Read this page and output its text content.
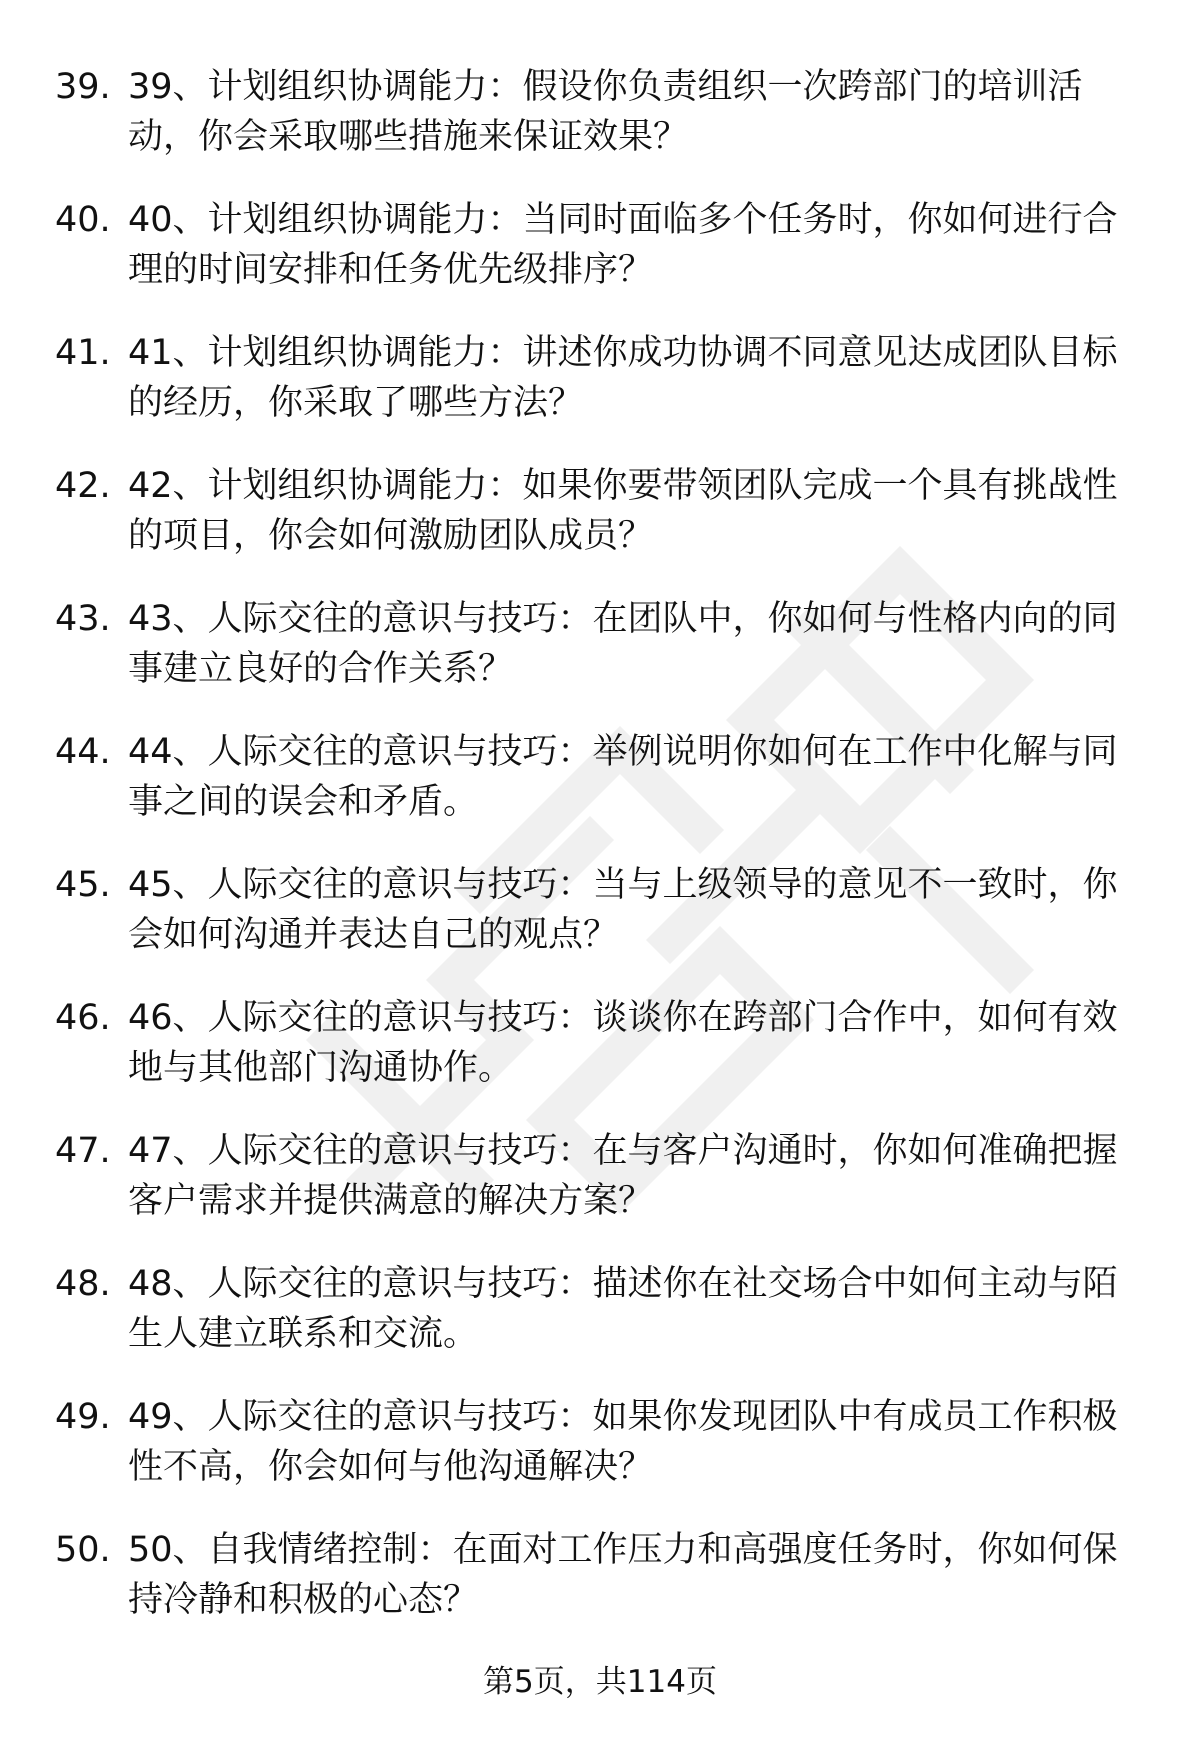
39. 39、计划组织协调能力：假设你负责组织一次跨部门的培训活动，你会采取哪些措施来保证效果？
40. 40、计划组织协调能力：当同时面临多个任务时，你如何进行合理的时间安排和任务优先级排序？
41. 41、计划组织协调能力：讲述你成功协调不同意见达成团队目标的经历，你采取了哪些方法？
42. 42、计划组织协调能力：如果你要带领团队完成一个具有挑战性的项目，你会如何激励团队成员？
43. 43、人际交往的意识与技巧：在团队中，你如何与性格内向的同事建立良好的合作关系？
44. 44、人际交往的意识与技巧：举例说明你如何在工作中化解与同事之间的误会和矛盾。
45. 45、人际交往的意识与技巧：当与上级领导的意见不一致时，你会如何沟通并表达自己的观点？
46. 46、人际交往的意识与技巧：谈谈你在跨部门合作中，如何有效地与其他部门沟通协作。
47. 47、人际交往的意识与技巧：在与客户沟通时，你如何准确把握客户需求并提供满意的解决方案？
48. 48、人际交往的意识与技巧：描述你在社交场合中如何主动与陌生人建立联系和交流。
49. 49、人际交往的意识与技巧：如果你发现团队中有成员工作积极性不高，你会如何与他沟通解决？
50. 50、自我情绪控制：在面对工作压力和高强度任务时，你如何保持冷静和积极的心态？
第5页，共114页
